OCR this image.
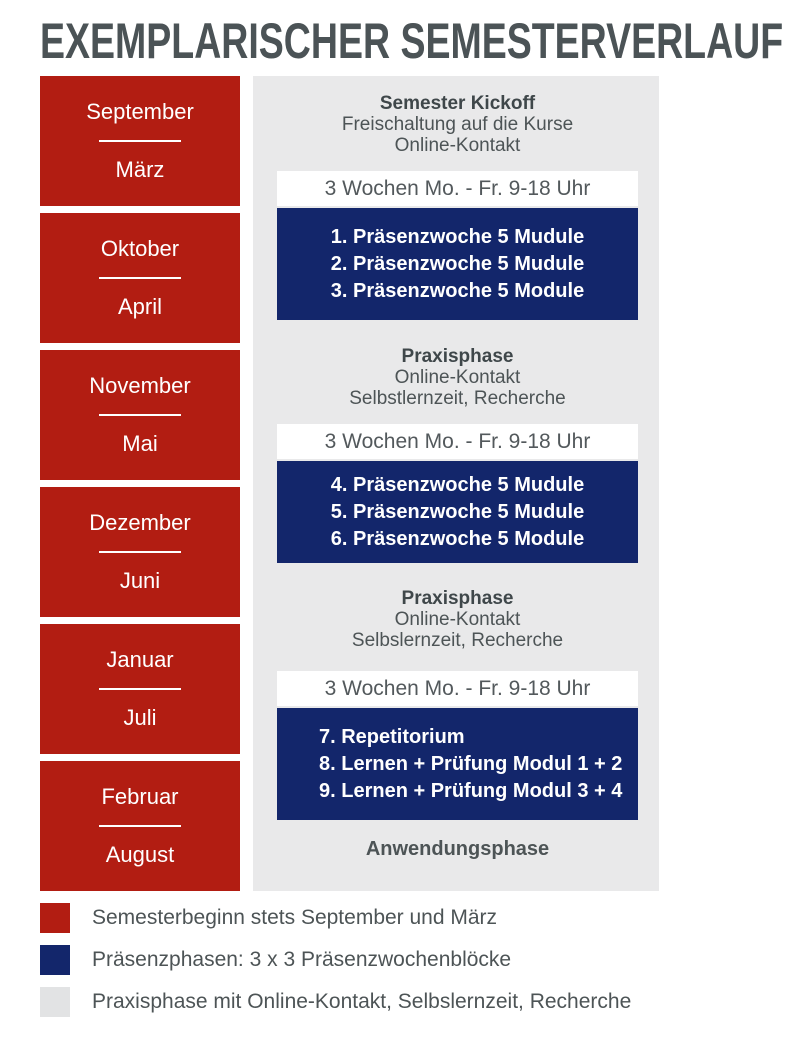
EXEMPLARISCHER SEMESTERVERLAUF
September
März
Oktober
April
November
Mai
Dezember
Juni
Januar
Juli
Februar
August
Semester Kickoff
Freischaltung auf die Kurse
Online-Kontakt
3 Wochen Mo. - Fr. 9-18 Uhr
1. Präsenzwoche 5 Mudule
2. Präsenzwoche 5 Mudule
3. Präsenzwoche 5 Module
Praxisphase
Online-Kontakt
Selbstlernzeit, Recherche
3 Wochen Mo. - Fr. 9-18 Uhr
4. Präsenzwoche 5 Mudule
5. Präsenzwoche 5 Mudule
6. Präsenzwoche 5 Module
Praxisphase
Online-Kontakt
Selbslernzeit, Recherche
3 Wochen Mo. - Fr. 9-18 Uhr
7. Repetitorium
8. Lernen + Prüfung Modul 1 + 2
9. Lernen + Prüfung Modul 3 + 4
Anwendungsphase
Semesterbeginn stets September und März
Präsenzphasen: 3 x 3 Präsenzwochenblöcke
Praxisphase mit Online-Kontakt, Selbslernzeit, Recherche
